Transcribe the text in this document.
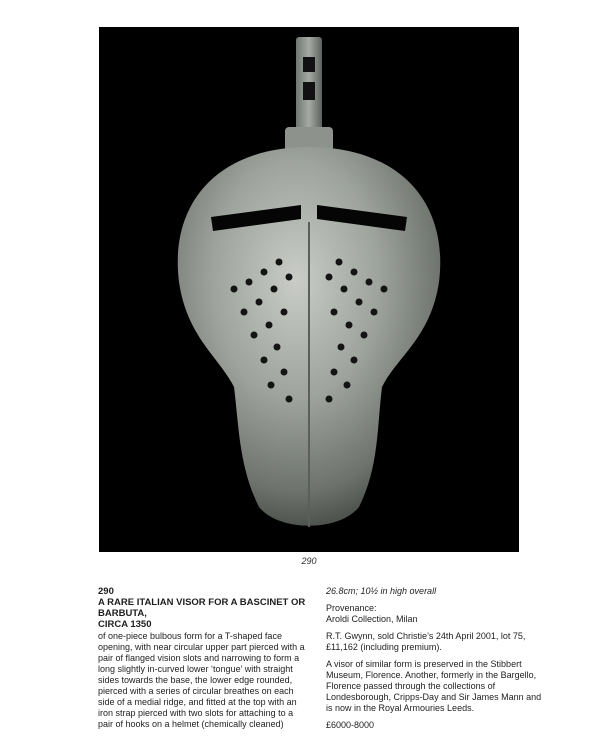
290
290
A RARE ITALIAN VISOR FOR A BASCINET OR BARBUTA,
CIRCA 1350
of one-piece bulbous form for a T-shaped face opening, with near circular upper part pierced with a pair of flanged vision slots and narrowing to form a long slightly in-curved lower ‘tongue’ with straight sides towards the base, the lower edge rounded, pierced with a series of circular breathes on each side of a medial ridge, and fitted at the top with an iron strap pierced with two slots for attaching to a pair of hooks on a helmet (chemically cleaned)
26.8cm; 10½ in high overall
Provenance:
Aroldi Collection, Milan
R.T. Gwynn, sold Christie’s 24th April 2001, lot 75, £11,162 (including premium).
A visor of similar form is preserved in the Stibbert Museum, Florence. Another, formerly in the Bargello, Florence passed through the collections of Londesborough, Cripps-Day and Sir James Mann and is now in the Royal Armouries Leeds.
£6000-8000
